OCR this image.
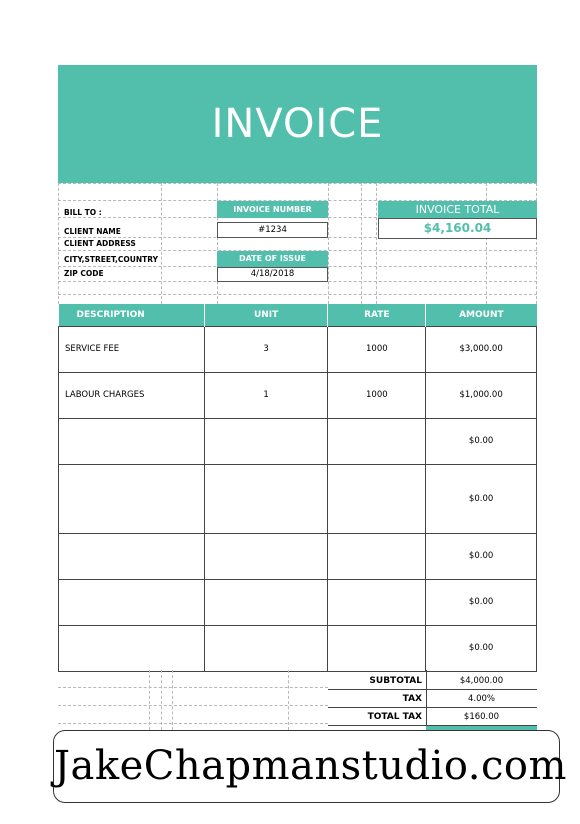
INVOICE
BILL TO :
CLIENT NAME
CLIENT ADDRESS
CITY,STREET,COUNTRY
ZIP CODE
INVOICE NUMBER
#1234
DATE OF ISSUE
4/18/2018
INVOICE TOTAL
$4,160.04
DESCRIPTION	UNIT	RATE	AMOUNT
SERVICE FEE	3	1000	$3,000.00
LABOUR CHARGES	1	1000	$1,000.00
			$0.00
			$0.00
			$0.00
			$0.00
			$0.00
SUBTOTAL	$4,000.00
TAX	4.00%
TOTAL TAX	$160.00
JakeChapmanstudio.com
